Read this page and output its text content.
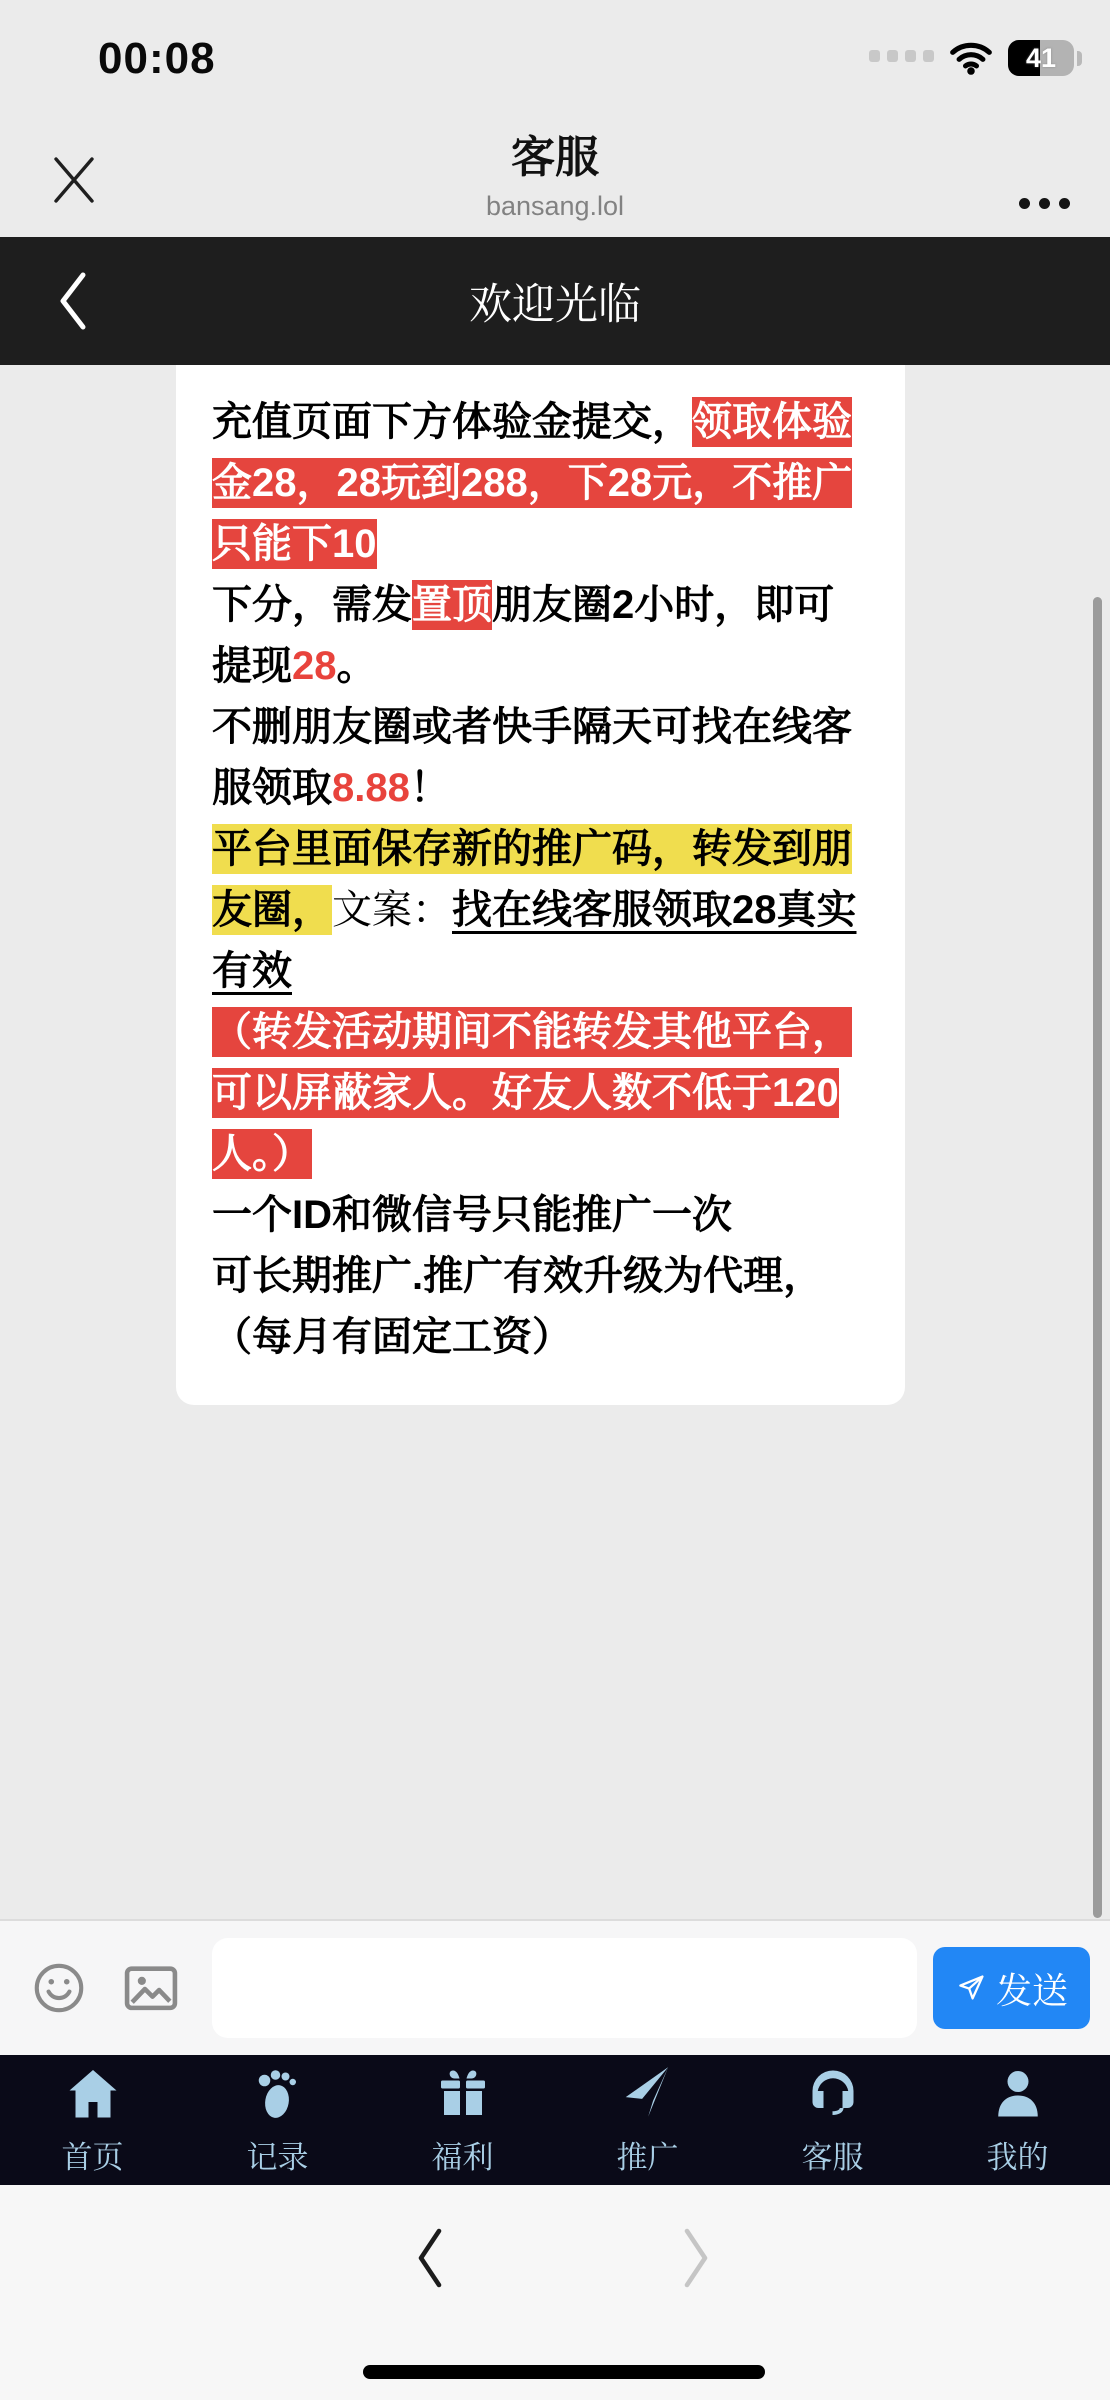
00:08	41
客服
bansang.lol
欢迎光临

充值页面下方体验金提交，领取体验金28，28玩到288，下28元，不推广只能下10

下分，需发置顶朋友圈2小时，即可提现28。

不删朋友圈或者快手隔天可找在线客服领取8.88！

平台里面保存新的推广码，转发到朋友圈，文案：找在线客服领取28真实有效

（转发活动期间不能转发其他平台，可以屏蔽家人。好友人数不低于120人。）

一个ID和微信号只能推广一次

可长期推广.推广有效升级为代理，

（每月有固定工资）

发送
首页	记录	福利	推广	客服	我的
